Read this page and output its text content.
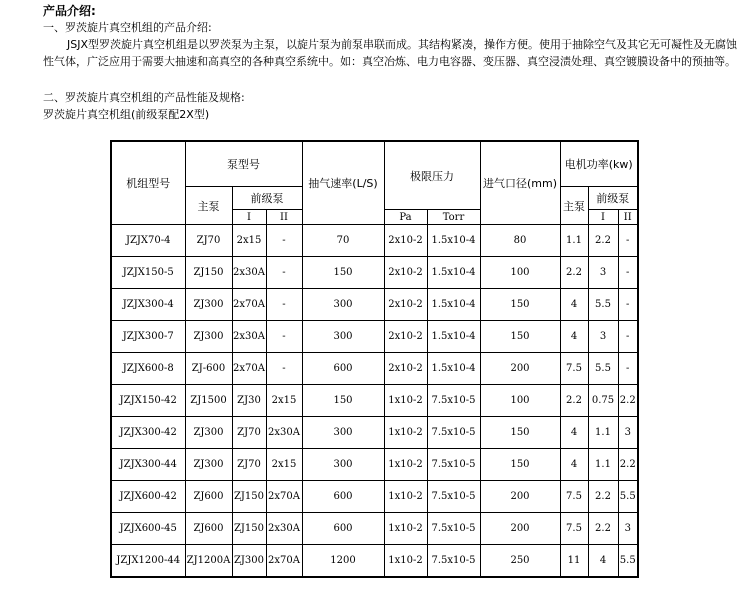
产品介绍:
一、罗茨旋片真空机组的产品介绍:
JSJX型罗茨旋片真空机组是以罗茨泵为主泵，以旋片泵为前泵串联而成。其结构紧凑，操作方便。使用于抽除空气及其它无可凝性及无腐蚀性气体，广泛应用于需要大抽速和高真空的各种真空系统中。如：真空冶炼、电力电容器、变压器、真空浸渍处理、真空镀膜设备中的预抽等。
二、罗茨旋片真空机组的产品性能及规格:
罗茨旋片真空机组(前级泵配2X型)
机组型号	泵型号			抽气速率(L/S)	极限压力		进气口径(mm)	电机功率(kw)		
	主泵	前级泵						主泵	前级泵	
		I	II		Pa	Torr			I	II
JZJX70-4	ZJ70	2x15	-	70	2x10-2	1.5x10-4	80	1.1	2.2	-
JZJX150-5	ZJ150	2x30A	-	150	2x10-2	1.5x10-4	100	2.2	3	-
JZJX300-4	ZJ300	2x70A	-	300	2x10-2	1.5x10-4	150	4	5.5	-
JZJX300-7	ZJ300	2x30A	-	300	2x10-2	1.5x10-4	150	4	3	-
JZJX600-8	ZJ-600	2x70A	-	600	2x10-2	1.5x10-4	200	7.5	5.5	-
JZJX150-42	ZJ1500	ZJ30	2x15	150	1x10-2	7.5x10-5	100	2.2	0.75	2.2
JZJX300-42	ZJ300	ZJ70	2x30A	300	1x10-2	7.5x10-5	150	4	1.1	3
JZJX300-44	ZJ300	ZJ70	2x15	300	1x10-2	7.5x10-5	150	4	1.1	2.2
JZJX600-42	ZJ600	ZJ150	2x70A	600	1x10-2	7.5x10-5	200	7.5	2.2	5.5
JZJX600-45	ZJ600	ZJ150	2x30A	600	1x10-2	7.5x10-5	200	7.5	2.2	3
JZJX1200-44	ZJ1200A	ZJ300	2x70A	1200	1x10-2	7.5x10-5	250	11	4	5.5
